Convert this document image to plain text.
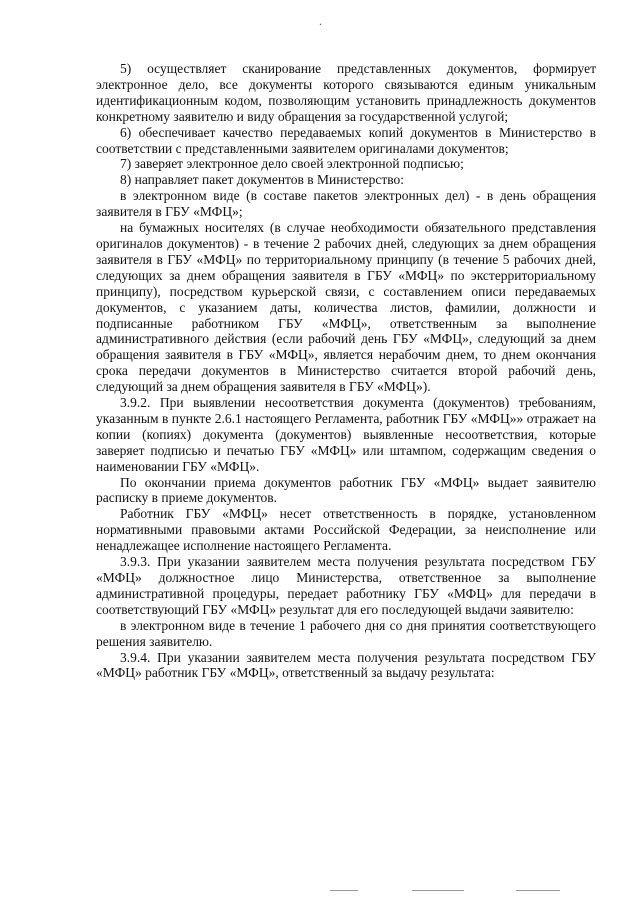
.

5) осуществляет сканирование представленных документов, формирует электронное дело, все документы которого связываются единым уникальным идентификационным кодом, позволяющим установить принадлежность документов конкретному заявителю и виду обращения за государственной услугой;

6) обеспечивает качество передаваемых копий документов в Министерство в соответствии с представленными заявителем оригиналами документов;

7) заверяет электронное дело своей электронной подписью;

8) направляет пакет документов в Министерство:

в электронном виде (в составе пакетов электронных дел) - в день обращения заявителя в ГБУ «МФЦ»;

на бумажных носителях (в случае необходимости обязательного представления оригиналов документов) - в течение 2 рабочих дней, следующих за днем обращения заявителя в ГБУ «МФЦ» по территориальному принципу (в течение 5 рабочих дней, следующих за днем обращения заявителя в ГБУ «МФЦ» по экстерриториальному принципу), посредством курьерской связи, с составлением описи передаваемых документов, с указанием даты, количества листов, фамилии, должности и подписанные работником ГБУ «МФЦ», ответственным за выполнение административного действия (если рабочий день ГБУ «МФЦ», следующий за днем обращения заявителя в ГБУ «МФЦ», является нерабочим днем, то днем окончания срока передачи документов в Министерство считается второй рабочий день, следующий за днем обращения заявителя в ГБУ «МФЦ»).

3.9.2. При выявлении несоответствия документа (документов) требованиям, указанным в пункте 2.6.1 настоящего Регламента, работник ГБУ «МФЦ»» отражает на копии (копиях) документа (документов) выявленные несоответствия, которые заверяет подписью и печатью ГБУ «МФЦ» или штампом, содержащим сведения о наименовании ГБУ «МФЦ».

По окончании приема документов работник ГБУ «МФЦ» выдает заявителю расписку в приеме документов.

Работник ГБУ «МФЦ» несет ответственность в порядке, установленном нормативными правовыми актами Российской Федерации, за неисполнение или ненадлежащее исполнение настоящего Регламента.

3.9.3. При указании заявителем места получения результата посредством ГБУ «МФЦ» должностное лицо Министерства, ответственное за выполнение административной процедуры, передает работнику ГБУ «МФЦ» для передачи в соответствующий ГБУ «МФЦ» результат для его последующей выдачи заявителю:

в электронном виде в течение 1 рабочего дня со дня принятия соответствующего решения заявителю.

3.9.4. При указании заявителем места получения результата посредством ГБУ «МФЦ» работник ГБУ «МФЦ», ответственный за выдачу результата:
